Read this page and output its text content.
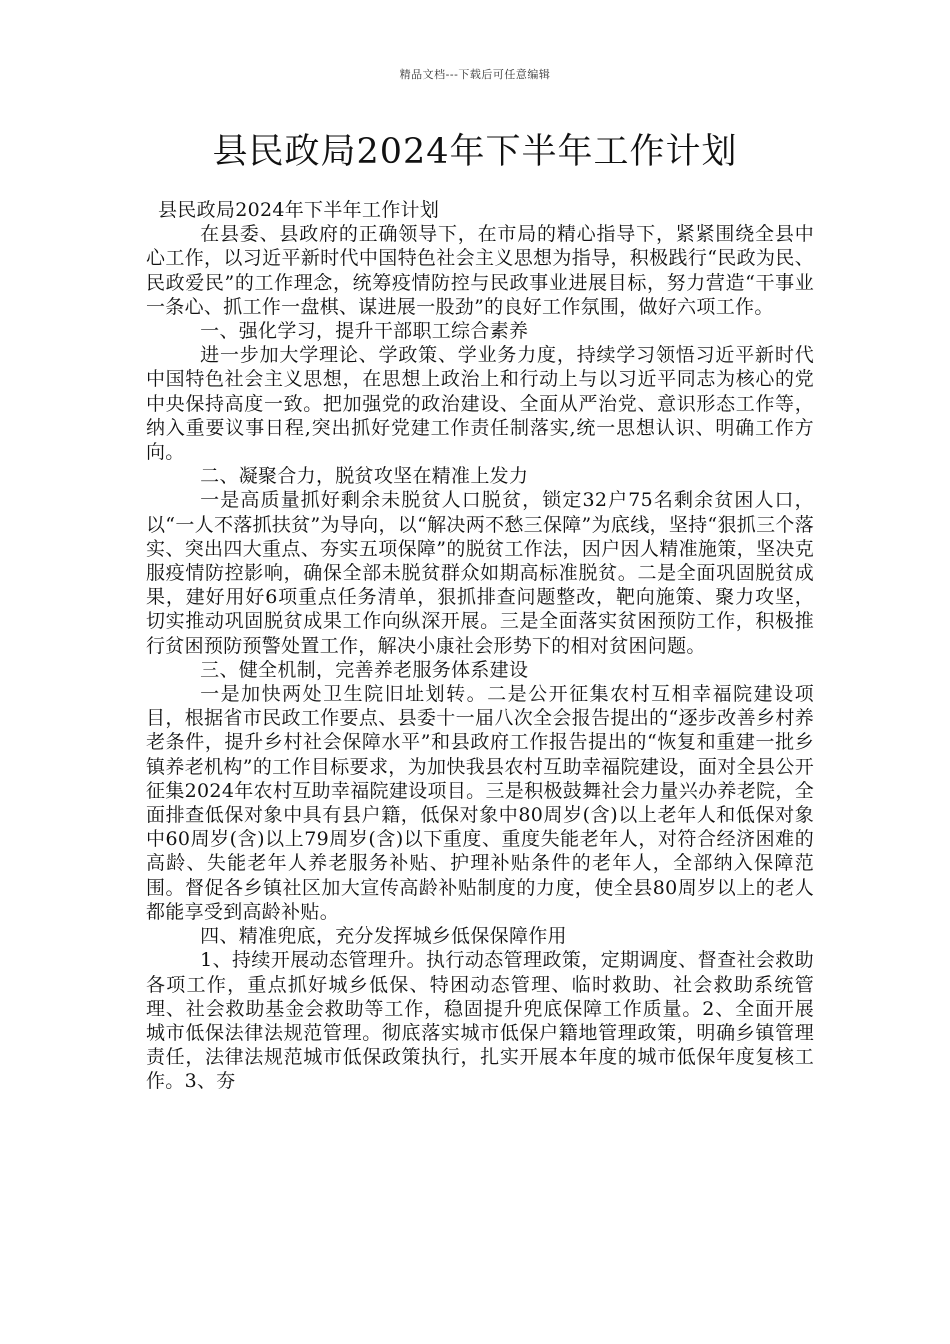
精品文档---下载后可任意编辑
县民政局2024年下半年工作计划

县民政局2024年下半年工作计划

在县委、县政府的正确领导下，在市局的精心指导下，紧紧围绕全县中心工作，以习近平新时代中国特色社会主义思想为指导，积极践行“民政为民、民政爱民”的工作理念，统筹疫情防控与民政事业进展目标，努力营造“干事业一条心、抓工作一盘棋、谋进展一股劲”的良好工作氛围，做好六项工作。

一、强化学习，提升干部职工综合素养

进一步加大学理论、学政策、学业务力度，持续学习领悟习近平新时代中国特色社会主义思想，在思想上政治上和行动上与以习近平同志为核心的党中央保持高度一致。把加强党的政治建设、全面从严治党、意识形态工作等，纳入重要议事日程,突出抓好党建工作责任制落实,统一思想认识、明确工作方向。

二、凝聚合力，脱贫攻坚在精准上发力

一是高质量抓好剩余未脱贫人口脱贫，锁定32户75名剩余贫困人口，以“一人不落抓扶贫”为导向，以“解决两不愁三保障”为底线，坚持“狠抓三个落实、突出四大重点、夯实五项保障”的脱贫工作法，因户因人精准施策，坚决克服疫情防控影响，确保全部未脱贫群众如期高标准脱贫。二是全面巩固脱贫成果，建好用好6项重点任务清单，狠抓排查问题整改，靶向施策、聚力攻坚，切实推动巩固脱贫成果工作向纵深开展。三是全面落实贫困预防工作，积极推行贫困预防预警处置工作，解决小康社会形势下的相对贫困问题。

三、健全机制，完善养老服务体系建设

一是加快两处卫生院旧址划转。二是公开征集农村互相幸福院建设项目，根据省市民政工作要点、县委十一届八次全会报告提出的“逐步改善乡村养老条件，提升乡村社会保障水平”和县政府工作报告提出的“恢复和重建一批乡镇养老机构”的工作目标要求，为加快我县农村互助幸福院建设，面对全县公开征集2024年农村互助幸福院建设项目。三是积极鼓舞社会力量兴办养老院，全面排查低保对象中具有县户籍，低保对象中80周岁(含)以上老年人和低保对象中60周岁(含)以上79周岁(含)以下重度、重度失能老年人，对符合经济困难的高龄、失能老年人养老服务补贴、护理补贴条件的老年人，全部纳入保障范围。督促各乡镇社区加大宣传高龄补贴制度的力度，使全县80周岁以上的老人都能享受到高龄补贴。

四、精准兜底，充分发挥城乡低保保障作用

1、持续开展动态管理升。执行动态管理政策，定期调度、督查社会救助各项工作，重点抓好城乡低保、特困动态管理、临时救助、社会救助系统管理、社会救助基金会救助等工作，稳固提升兜底保障工作质量。2、全面开展城市低保法律法规范管理。彻底落实城市低保户籍地管理政策，明确乡镇管理责任，法律法规范城市低保政策执行，扎实开展本年度的城市低保年度复核工作。3、夯
